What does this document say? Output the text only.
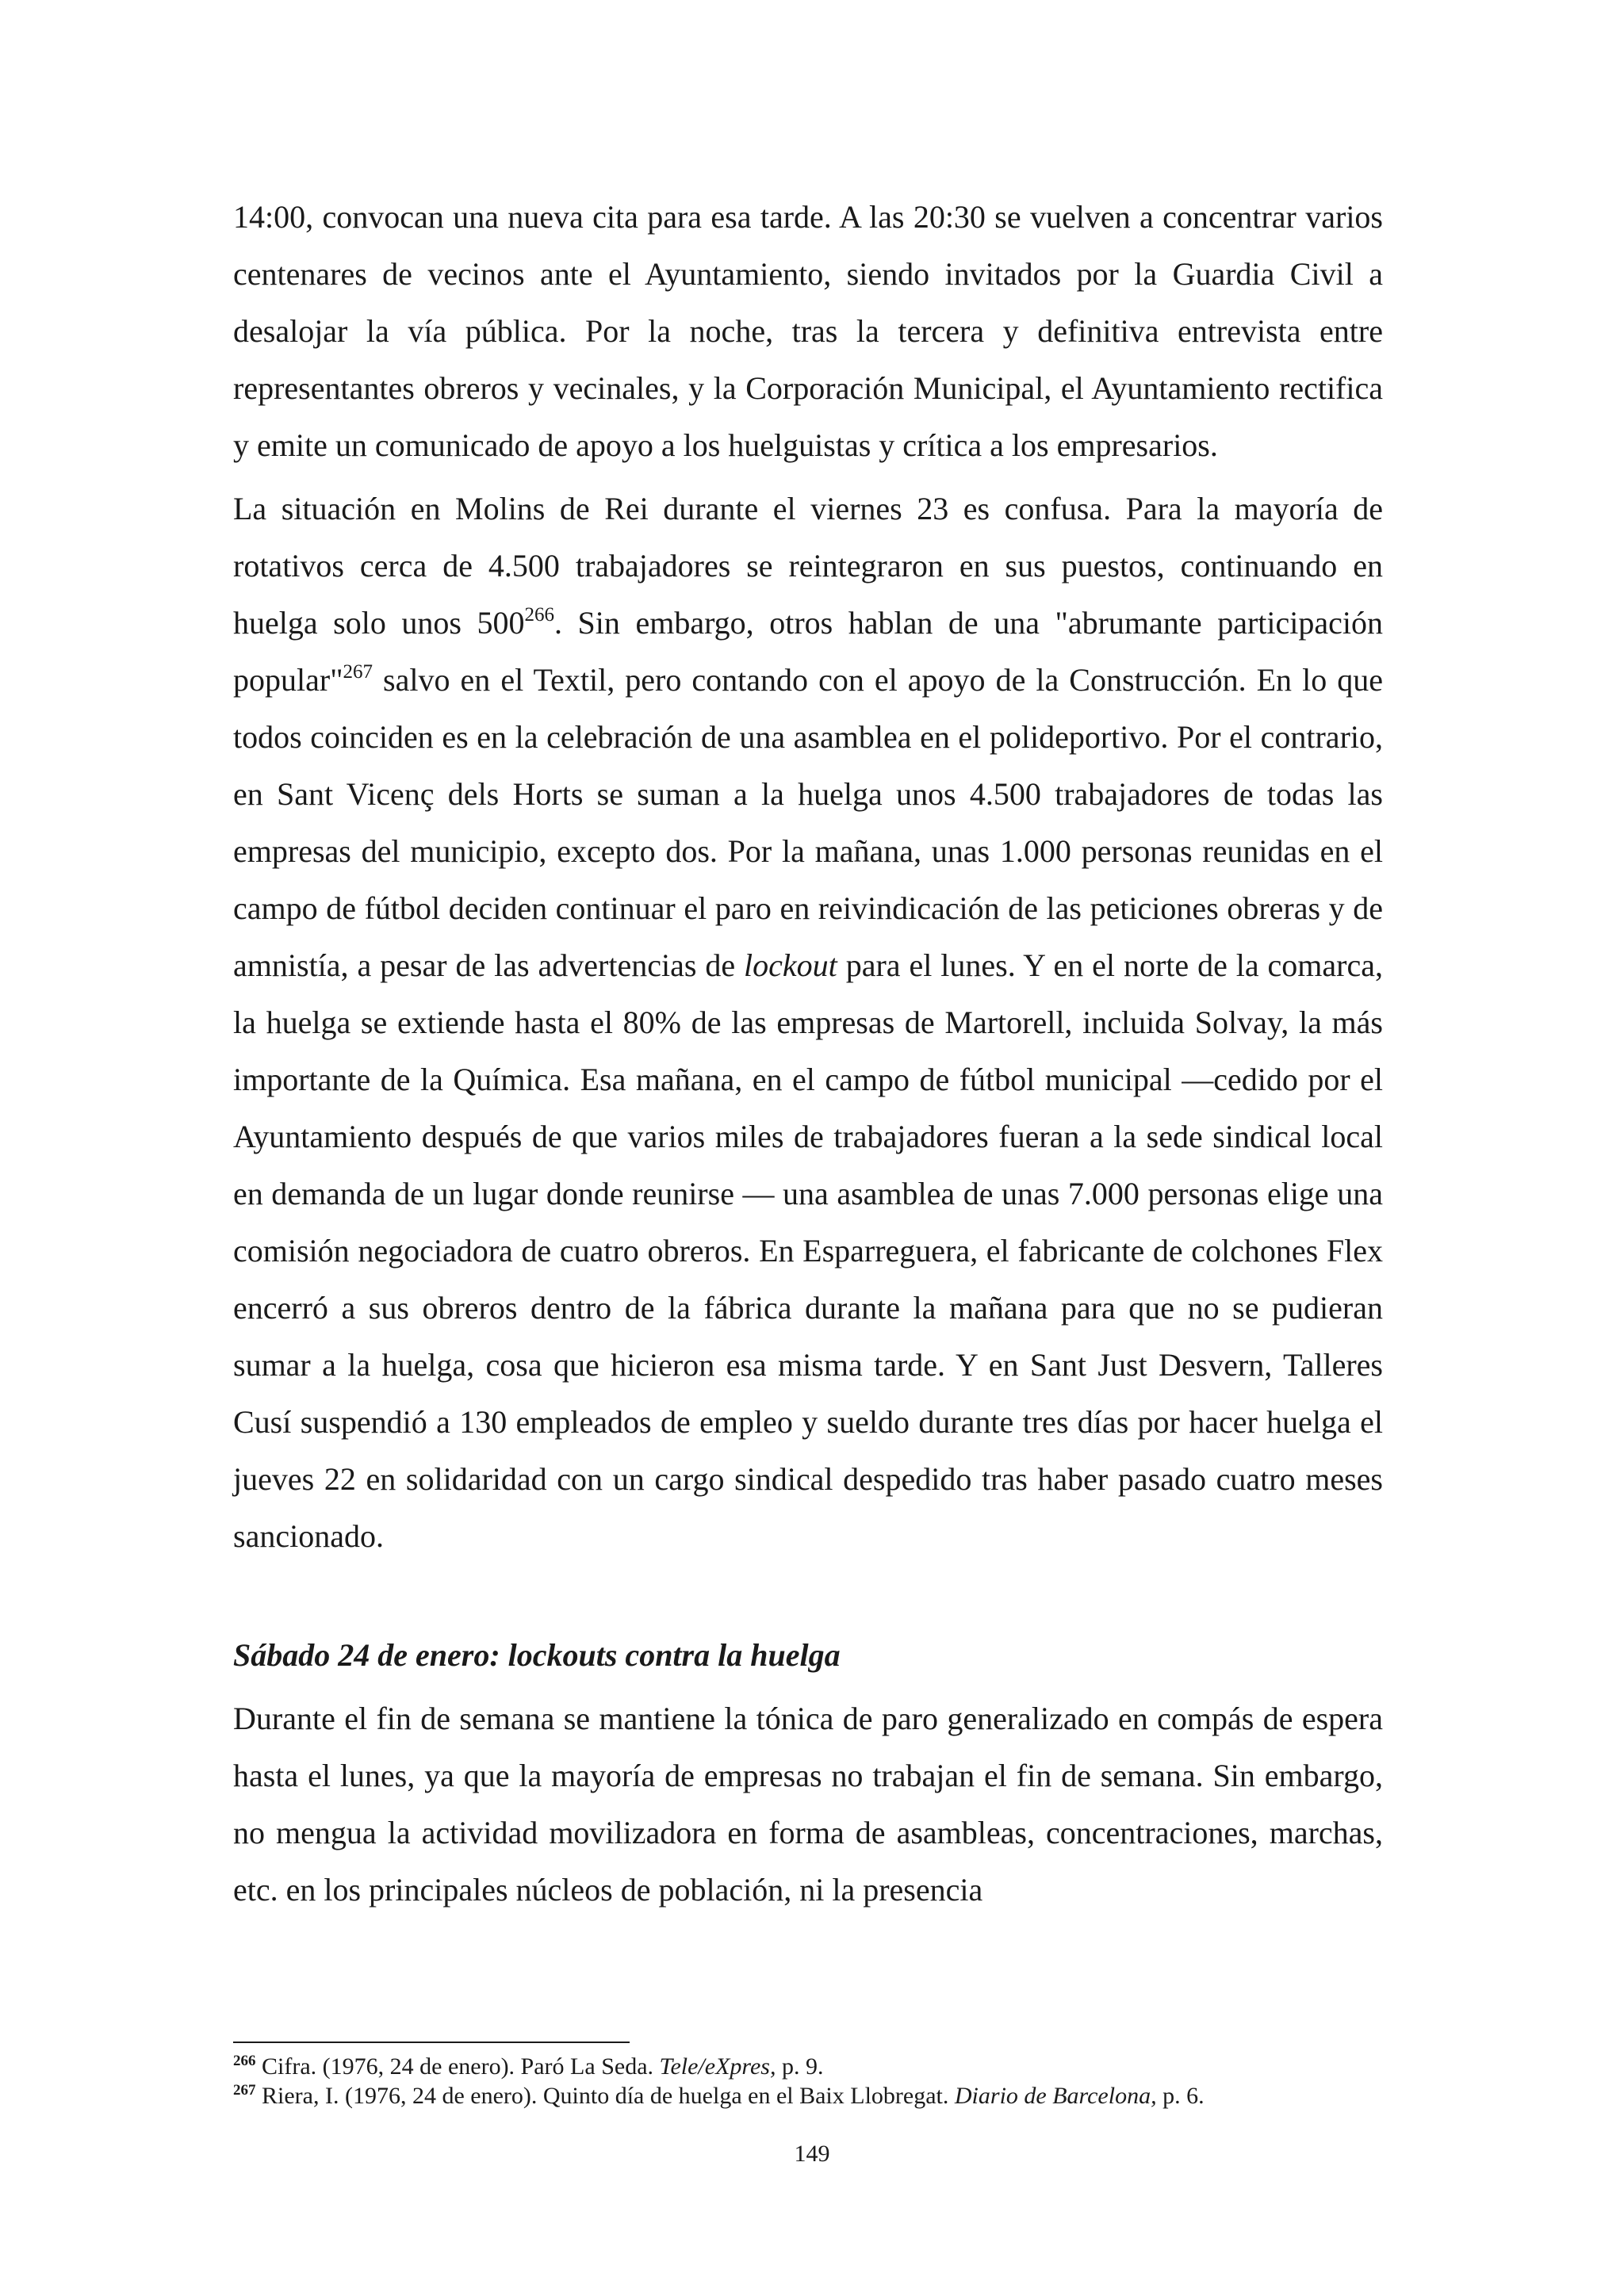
14:00, convocan una nueva cita para esa tarde. A las 20:30 se vuelven a concentrar varios centenares de vecinos ante el Ayuntamiento, siendo invitados por la Guardia Civil a desalojar la vía pública. Por la noche, tras la tercera y definitiva entrevista entre representantes obreros y vecinales, y la Corporación Municipal, el Ayuntamiento rectifica y emite un comunicado de apoyo a los huelguistas y crítica a los empresarios.

La situación en Molins de Rei durante el viernes 23 es confusa. Para la mayoría de rotativos cerca de 4.500 trabajadores se reintegraron en sus puestos, continuando en huelga solo unos $500^{266}$. Sin embargo, otros hablan de una "abrumante participación popular"$^{267}$ salvo en el Textil, pero contando con el apoyo de la Construcción. En lo que todos coinciden es en la celebración de una asamblea en el polideportivo. Por el contrario, en Sant Vicenç dels Horts se suman a la huelga unos 4.500 trabajadores de todas las empresas del municipio, excepto dos. Por la mañana, unas 1.000 personas reunidas en el campo de fútbol deciden continuar el paro en reivindicación de las peticiones obreras y de amnistía, a pesar de las advertencias de lockout para el lunes. Y en el norte de la comarca, la huelga se extiende hasta el 80% de las empresas de Martorell, incluida Solvay, la más importante de la Química. Esa mañana, en el campo de fútbol municipal —cedido por el Ayuntamiento después de que varios miles de trabajadores fueran a la sede sindical local en demanda de un lugar donde reunirse — una asamblea de unas 7.000 personas elige una comisión negociadora de cuatro obreros. En Esparreguera, el fabricante de colchones Flex encerró a sus obreros dentro de la fábrica durante la mañana para que no se pudieran sumar a la huelga, cosa que hicieron esa misma tarde. Y en Sant Just Desvern, Talleres Cusí suspendió a 130 empleados de empleo y sueldo durante tres días por hacer huelga el jueves 22 en solidaridad con un cargo sindical despedido tras haber pasado cuatro meses sancionado.

Sábado 24 de enero: lockouts contra la huelga

Durante el fin de semana se mantiene la tónica de paro generalizado en compás de espera hasta el lunes, ya que la mayoría de empresas no trabajan el fin de semana. Sin embargo, no mengua la actividad movilizadora en forma de asambleas, concentraciones, marchas, etc. en los principales núcleos de población, ni la presencia

$^{266}$ Cifra. (1976, 24 de enero). Paró La Seda. Tele/eXpres, p. 9.

$^{267}$ Riera, I. (1976, 24 de enero). Quinto día de huelga en el Baix Llobregat. Diario de Barcelona, p. 6.

149
